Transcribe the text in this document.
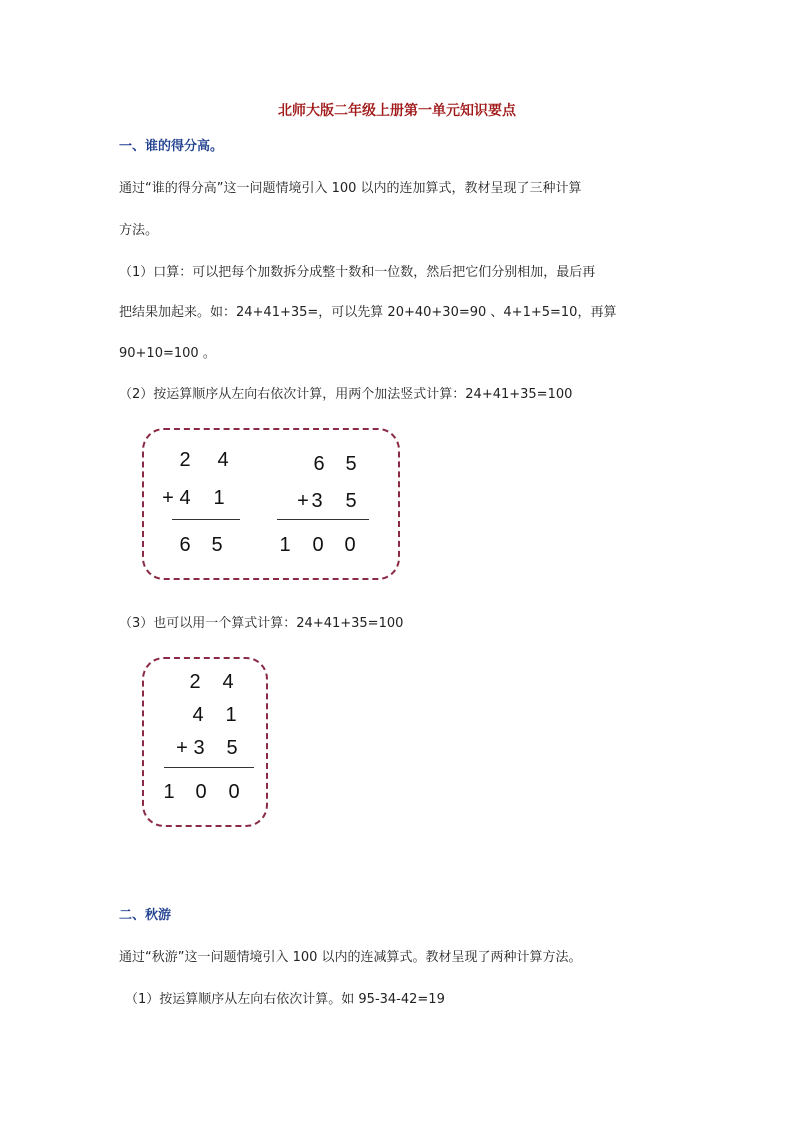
北师大版二年级上册第一单元知识要点
一、谁的得分高。
通过“谁的得分高”这一问题情境引入 100 以内的连加算式，教材呈现了三种计算
方法。
（1）口算：可以把每个加数拆分成整十数和一位数，然后把它们分别相加，最后再
把结果加起来。如：24+41+35=，可以先算 20+40+30=90 、4+1+5=10，再算
90+10=100 。
（2）按运算顺序从左向右依次计算，用两个加法竖式计算：24+41+35=100
2 4
+ 4 1
6 5
6 5
+ 3 5
1 0 0
（3）也可以用一个算式计算：24+41+35=100
2 4
4 1
+ 3 5
1 0 0
二、秋游
通过“秋游”这一问题情境引入 100 以内的连减算式。教材呈现了两种计算方法。
（1）按运算顺序从左向右依次计算。如 95-34-42=19
